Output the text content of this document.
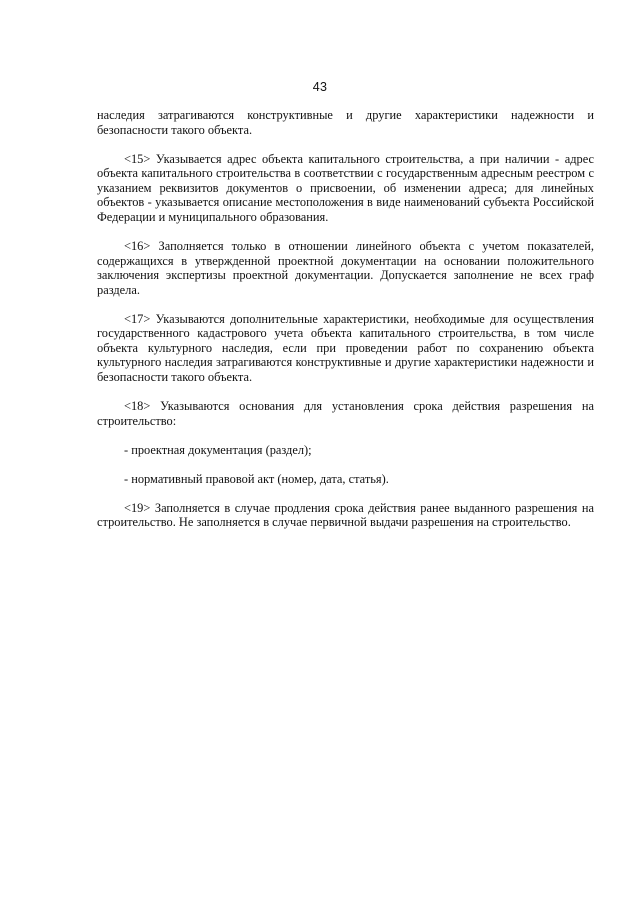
43

наследия затрагиваются конструктивные и другие характеристики надежности и безопасности такого объекта.

<15> Указывается адрес объекта капитального строительства, а при наличии - адрес объекта капитального строительства в соответствии с государственным адресным реестром с указанием реквизитов документов о присвоении, об изменении адреса; для линейных объектов - указывается описание местоположения в виде наименований субъекта Российской Федерации и муниципального образования.

<16> Заполняется только в отношении линейного объекта с учетом показателей, содержащихся в утвержденной проектной документации на основании положительного заключения экспертизы проектной документации. Допускается заполнение не всех граф раздела.

<17> Указываются дополнительные характеристики, необходимые для осуществления государственного кадастрового учета объекта капитального строительства, в том числе объекта культурного наследия, если при проведении работ по сохранению объекта культурного наследия затрагиваются конструктивные и другие характеристики надежности и безопасности такого объекта.

<18> Указываются основания для установления срока действия разрешения на строительство:

- проектная документация (раздел);

- нормативный правовой акт (номер, дата, статья).

<19> Заполняется в случае продления срока действия ранее выданного разрешения на строительство. Не заполняется в случае первичной выдачи разрешения на строительство.
